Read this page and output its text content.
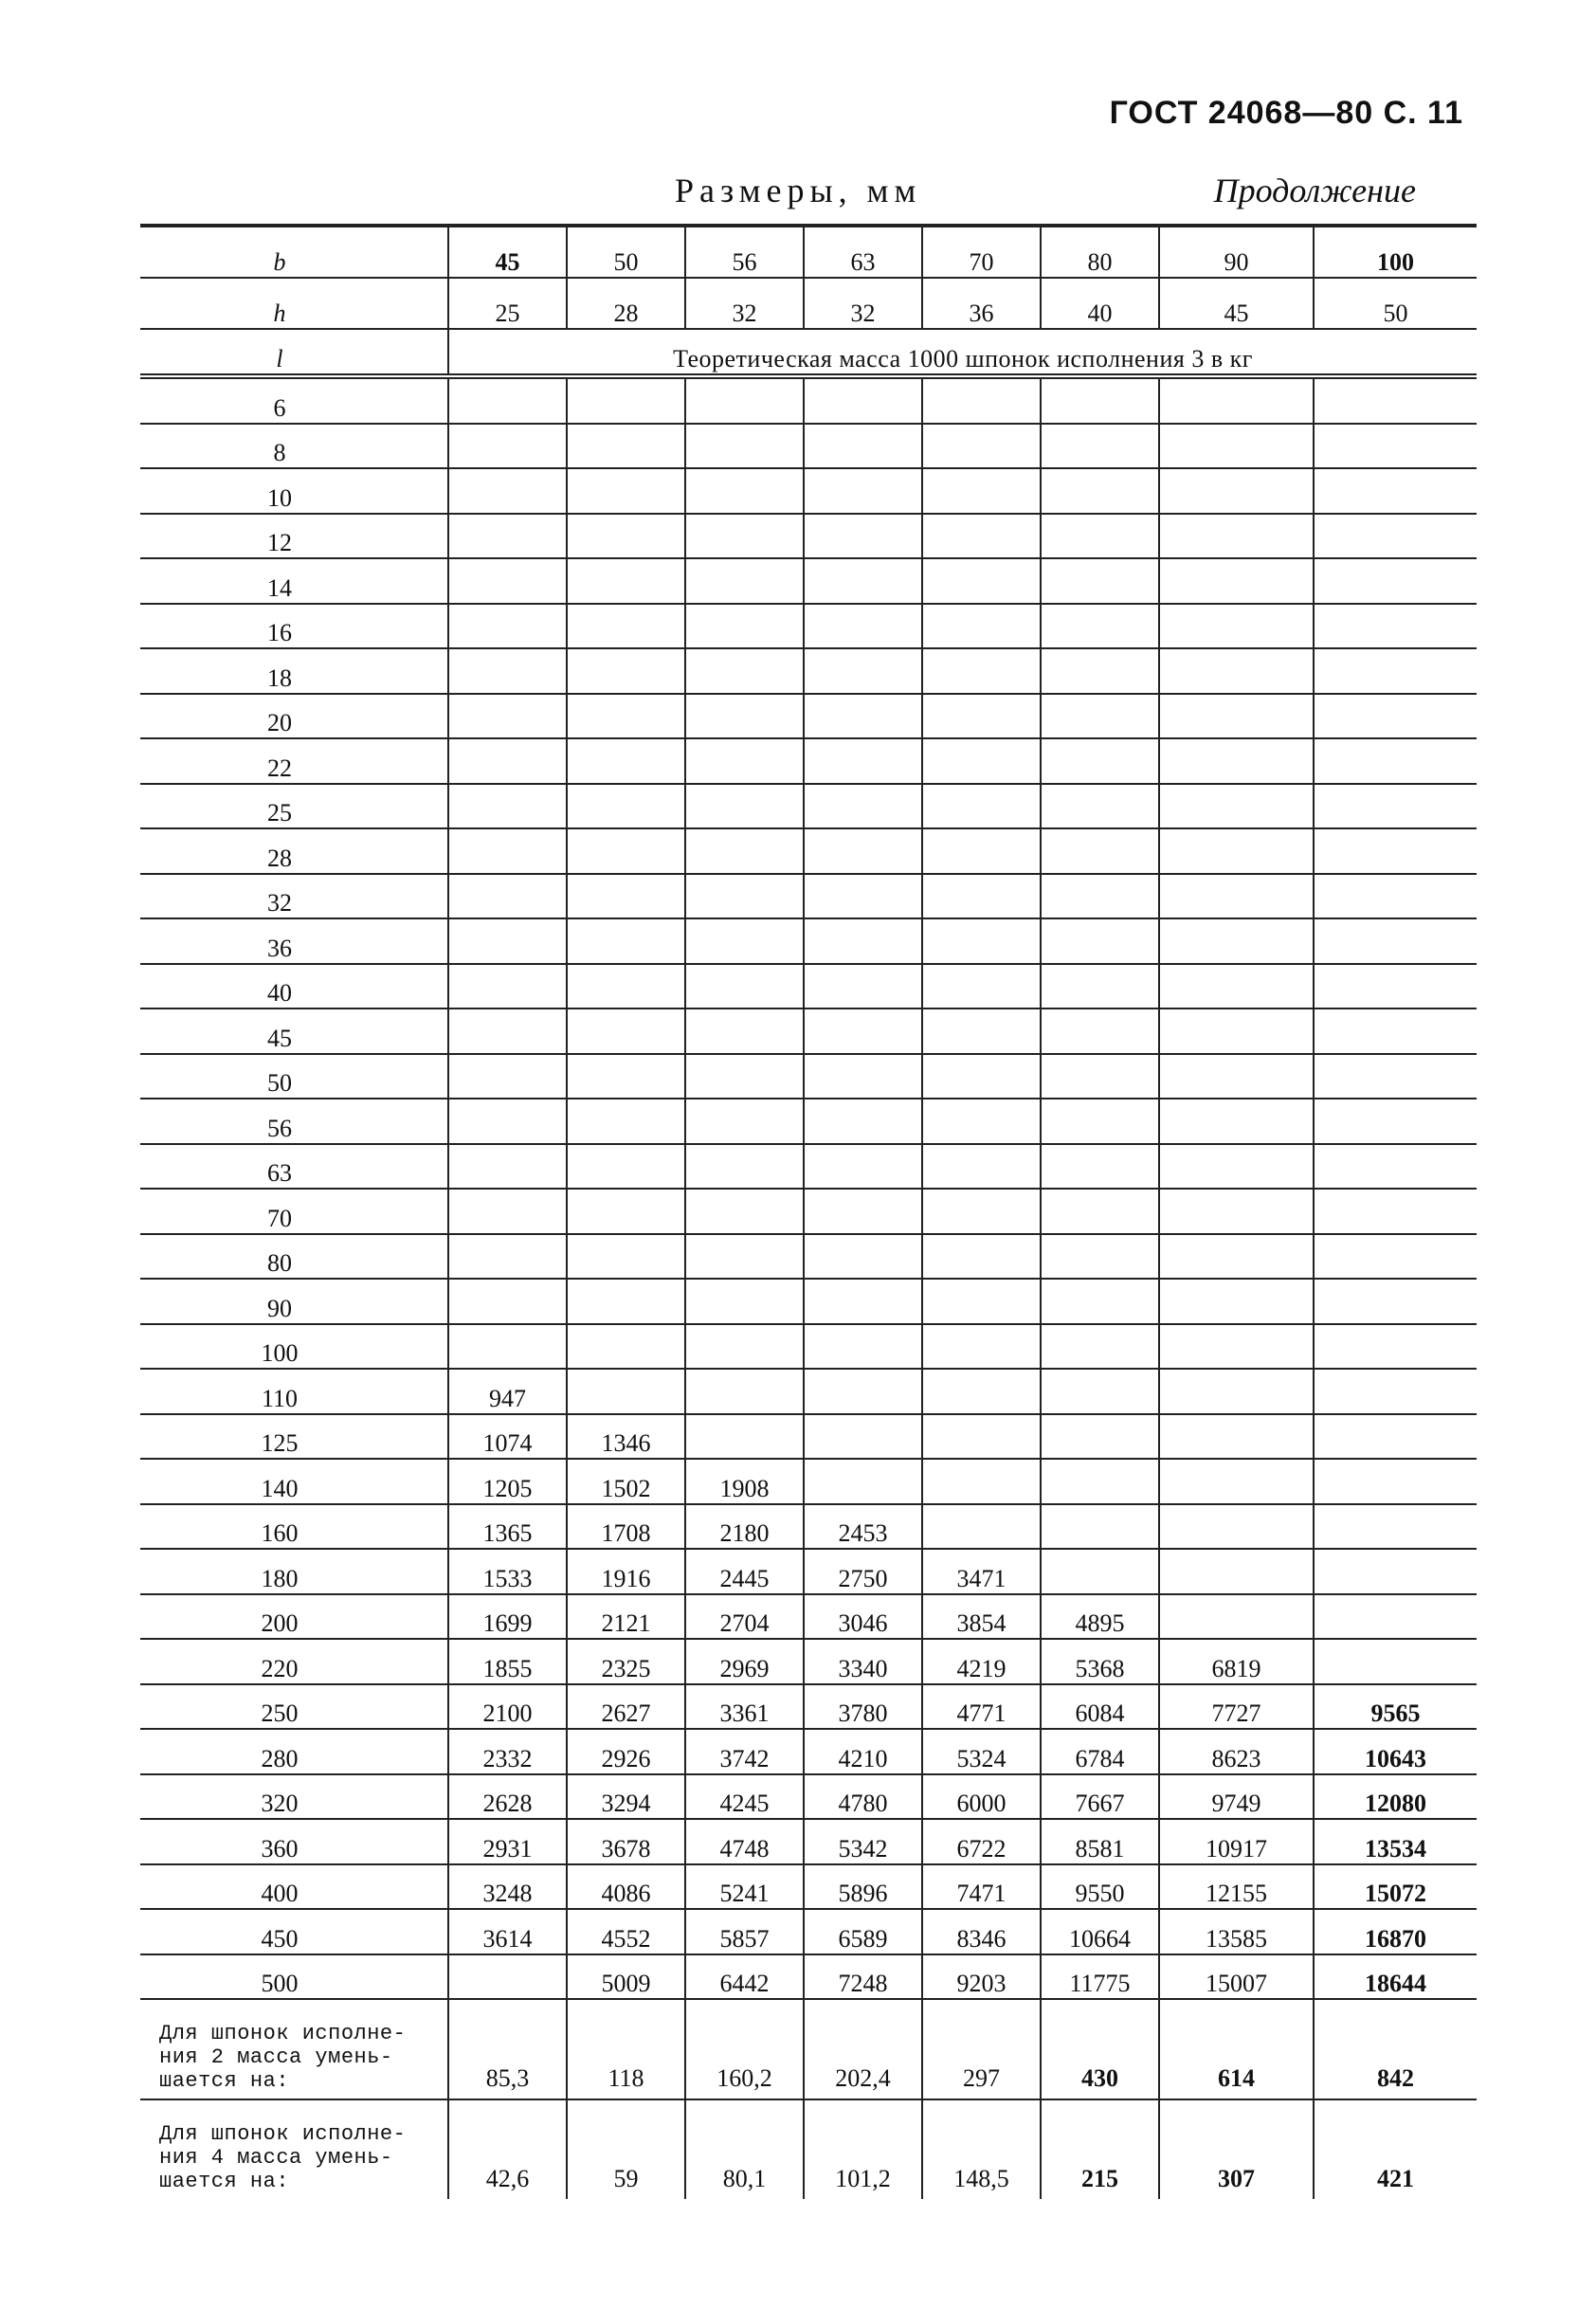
ГОСТ 24068—80 С. 11
Размеры, мм	Продолжение
b	45	50	56	63	70	80	90	100
h	25	28	32	32	36	40	45	50
l	Теоретическая масса 1000 шпонок исполнения 3 в кг							
6								
8								
10								
12								
14								
16								
18								
20								
22								
25								
28								
32								
36								
40								
45								
50								
56								
63								
70								
80								
90								
100								
110	947							
125	1074	1346						
140	1205	1502	1908					
160	1365	1708	2180	2453				
180	1533	1916	2445	2750	3471			
200	1699	2121	2704	3046	3854	4895		
220	1855	2325	2969	3340	4219	5368	6819	
250	2100	2627	3361	3780	4771	6084	7727	9565
280	2332	2926	3742	4210	5324	6784	8623	10643
320	2628	3294	4245	4780	6000	7667	9749	12080
360	2931	3678	4748	5342	6722	8581	10917	13534
400	3248	4086	5241	5896	7471	9550	12155	15072
450	3614	4552	5857	6589	8346	10664	13585	16870
500		5009	6442	7248	9203	11775	15007	18644

Для шпонок исполне-
ния 2 масса умень-
шается на:	85,3	118	160,2	202,4	297	430	614	842

Для шпонок исполне-
ния 4 масса умень-
шается на:	42,6	59	80,1	101,2	148,5	215	307	421
